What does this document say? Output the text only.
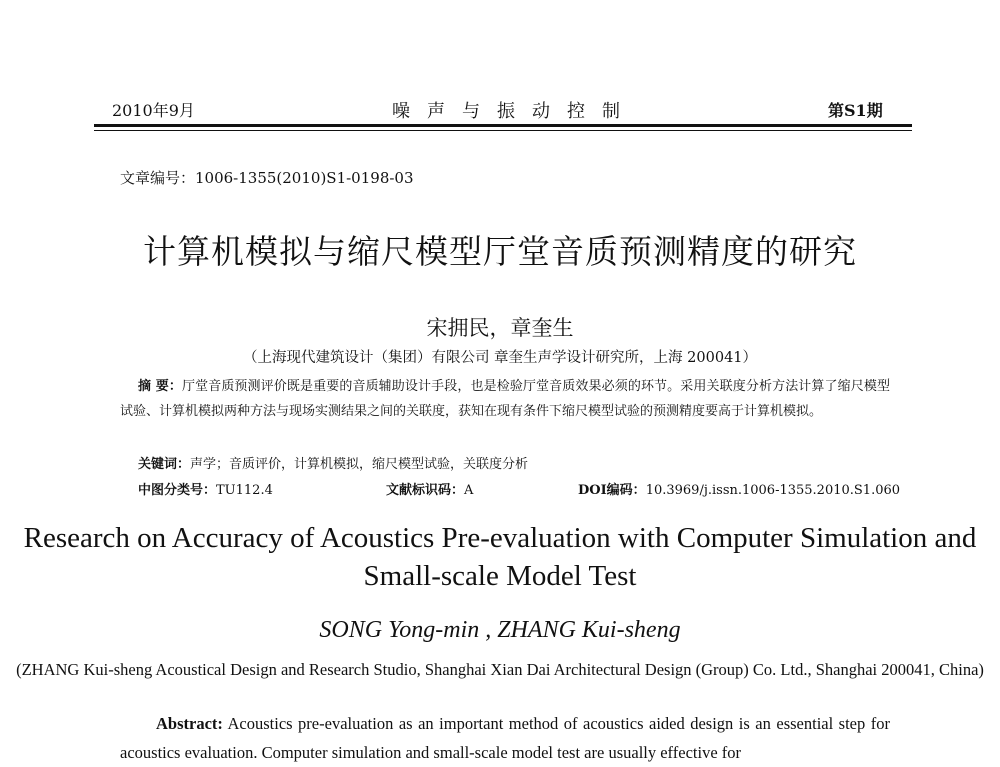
2010年9月	噪声与振动控制	第S1期
文章编号：1006-1355(2010)S1-0198-03
计算机模拟与缩尺模型厅堂音质预测精度的研究
宋拥民，章奎生
（上海现代建筑设计（集团）有限公司 章奎生声学设计研究所，上海 200041）
摘 要：厅堂音质预测评价既是重要的音质辅助设计手段，也是检验厅堂音质效果必须的环节。采用关联度分析方法计算了缩尺模型试验、计算机模拟两种方法与现场实测结果之间的关联度，获知在现有条件下缩尺模型试验的预测精度要高于计算机模拟。
关键词：声学；音质评价，计算机模拟，缩尺模型试验，关联度分析
中图分类号：TU112.4	文献标识码：A	DOI编码：10.3969/j.issn.1006-1355.2010.S1.060
Research on Accuracy of Acoustics Pre-evaluation with Computer Simulation and Small-scale Model Test
SONG Yong-min , ZHANG Kui-sheng
(ZHANG Kui-sheng Acoustical Design and Research Studio, Shanghai Xian Dai Architectural Design (Group) Co. Ltd., Shanghai 200041, China)
Abstract: Acoustics pre-evaluation as an important method of acoustics aided design is an essential step for acoustics evaluation. Computer simulation and small-scale model test are usually effective for
